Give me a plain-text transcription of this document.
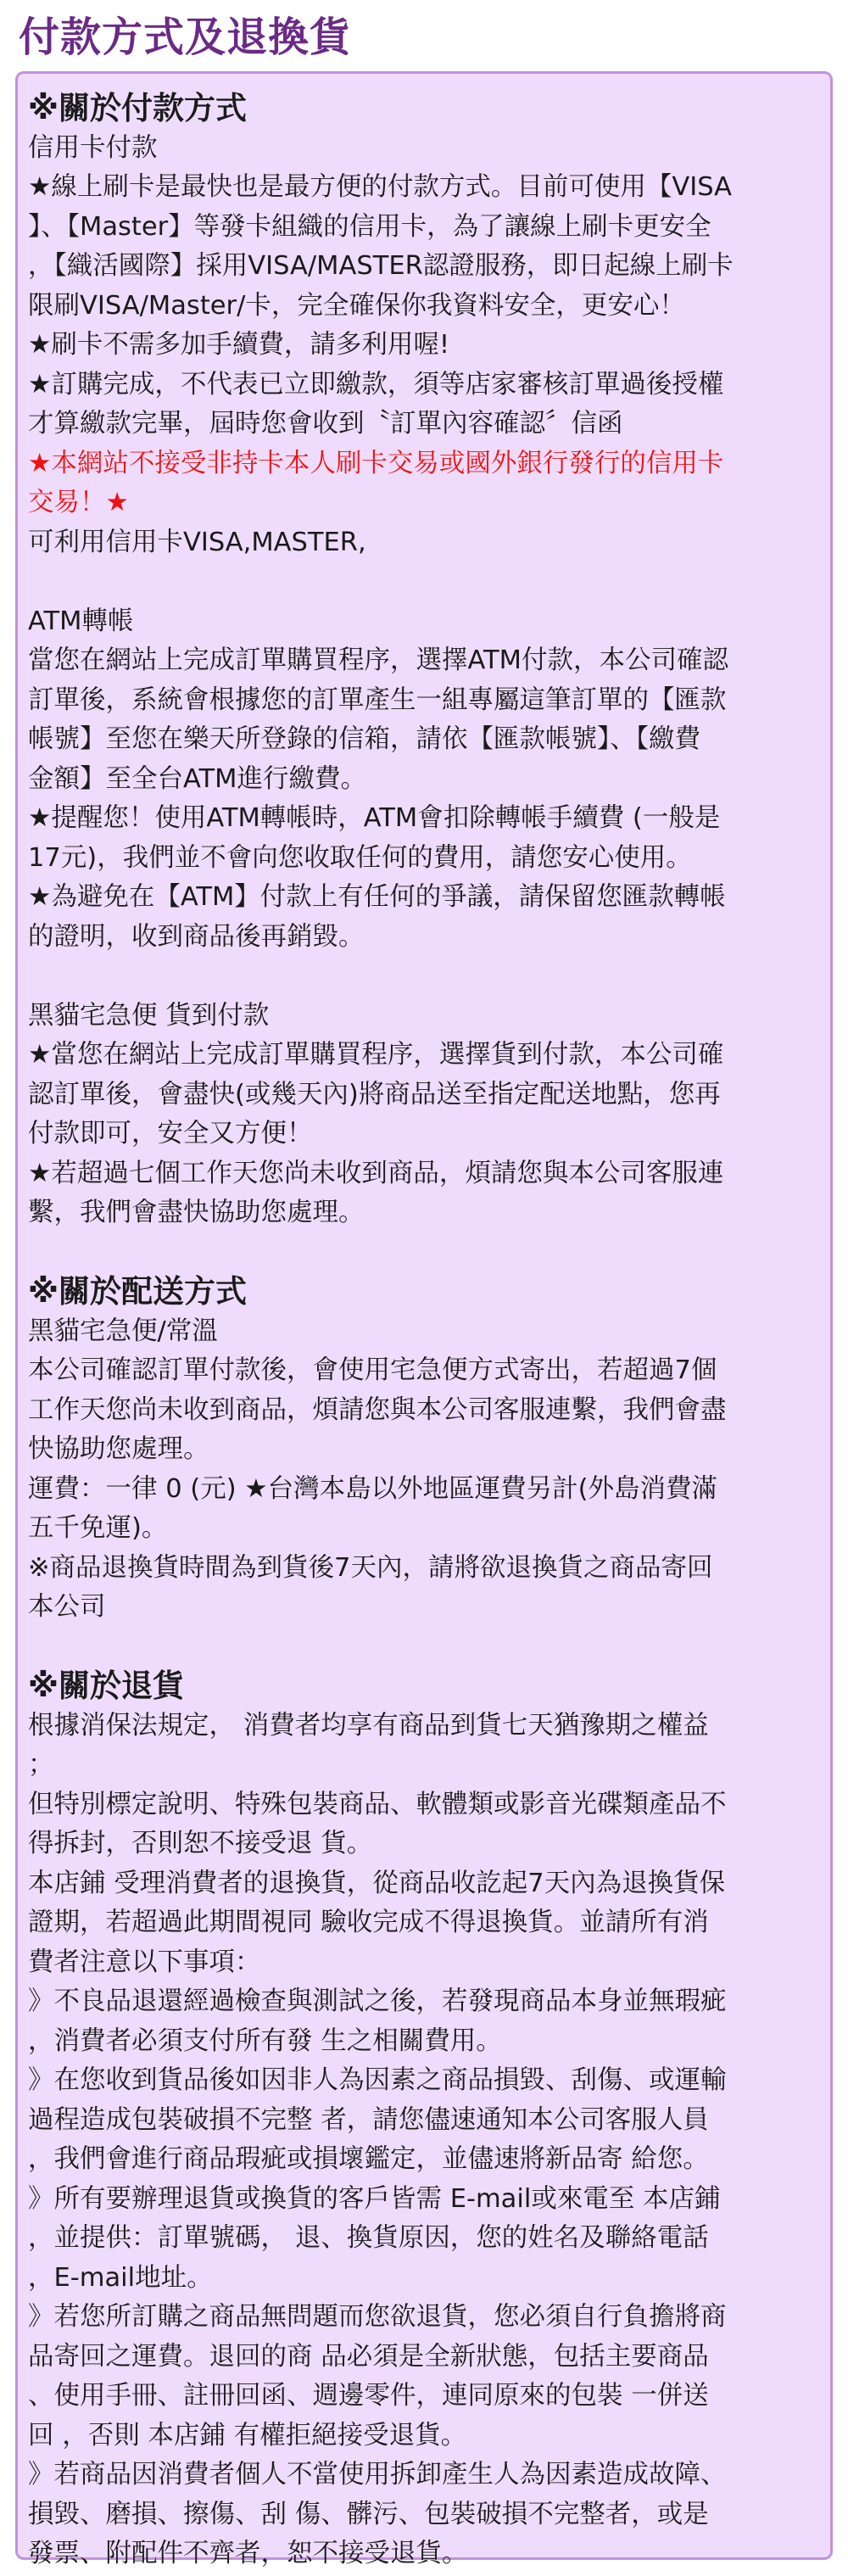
付款方式及退換貨
※關於付款方式
信用卡付款
★線上刷卡是最快也是最方便的付款方式。目前可使用【VISA
】、【Master】等發卡組織的信用卡，為了讓線上刷卡更安全
，【織活國際】採用VISA/MASTER認證服務，即日起線上刷卡
限刷VISA/Master/卡，完全確保你我資料安全，更安心！
★刷卡不需多加手續費，請多利用喔!
★訂購完成，不代表已立即繳款，須等店家審核訂單過後授權
才算繳款完畢，屆時您會收到〝訂單內容確認〞信函
★本網站不接受非持卡本人刷卡交易或國外銀行發行的信用卡
交易！★
可利用信用卡VISA,MASTER,
ATM轉帳
當您在網站上完成訂單購買程序，選擇ATM付款，本公司確認
訂單後，系統會根據您的訂單產生一組專屬這筆訂單的【匯款
帳號】至您在樂天所登錄的信箱，請依【匯款帳號】、【繳費
金額】至全台ATM進行繳費。
★提醒您！使用ATM轉帳時，ATM會扣除轉帳手續費 (一般是
17元)，我們並不會向您收取任何的費用，請您安心使用。
★為避免在【ATM】付款上有任何的爭議，請保留您匯款轉帳
的證明，收到商品後再銷毀。
黑貓宅急便 貨到付款
★當您在網站上完成訂單購買程序，選擇貨到付款，本公司確
認訂單後，會盡快(或幾天內)將商品送至指定配送地點，您再
付款即可，安全又方便！
★若超過七個工作天您尚未收到商品，煩請您與本公司客服連
繫，我們會盡快協助您處理。
※關於配送方式
黑貓宅急便/常溫
本公司確認訂單付款後，會使用宅急便方式寄出，若超過7個
工作天您尚未收到商品，煩請您與本公司客服連繫，我們會盡
快協助您處理。
運費：一律 0 (元) ★台灣本島以外地區運費另計(外島消費滿
五千免運)。
※商品退換貨時間為到貨後7天內，請將欲退換貨之商品寄回
本公司
※關於退貨
根據消保法規定， 消費者均享有商品到貨七天猶豫期之權益
；
但特別標定說明、特殊包裝商品、軟體類或影音光碟類產品不
得拆封，否則恕不接受退 貨。
本店鋪 受理消費者的退換貨，從商品收訖起7天內為退換貨保
證期，若超過此期間視同 驗收完成不得退換貨。並請所有消
費者注意以下事項：
》不良品退還經過檢查與測試之後，若發現商品本身並無瑕疵
，消費者必須支付所有發 生之相關費用。
》在您收到貨品後如因非人為因素之商品損毀、刮傷、或運輸
過程造成包裝破損不完整 者，請您儘速通知本公司客服人員
，我們會進行商品瑕疵或損壞鑑定，並儘速將新品寄 給您。
》所有要辦理退貨或換貨的客戶皆需 E-mail或來電至 本店鋪
，並提供：訂單號碼， 退、換貨原因，您的姓名及聯絡電話
，E-mail地址。
》若您所訂購之商品無問題而您欲退貨，您必須自行負擔將商
品寄回之運費。退回的商 品必須是全新狀態，包括主要商品
、使用手冊、註冊回函、週邊零件，連同原來的包裝 一併送
回 ，否則 本店鋪 有權拒絕接受退貨。
》若商品因消費者個人不當使用拆卸產生人為因素造成故障、
損毀、磨損、擦傷、刮 傷、髒污、包裝破損不完整者，或是
發票、附配件不齊者，恕不接受退貨。
